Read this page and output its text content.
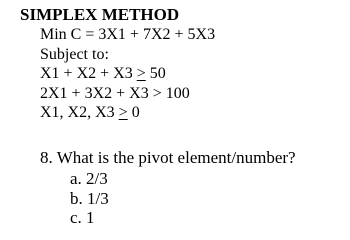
SIMPLEX METHOD
Min C = 3X1 + 7X2 + 5X3
Subject to:
X1 + X2 + X3 ≥ 50
2X1 + 3X2 + X3 > 100
X1, X2, X3 ≥ 0
8. What is the pivot element/number?
a. 2/3
b. 1/3
c. 1
